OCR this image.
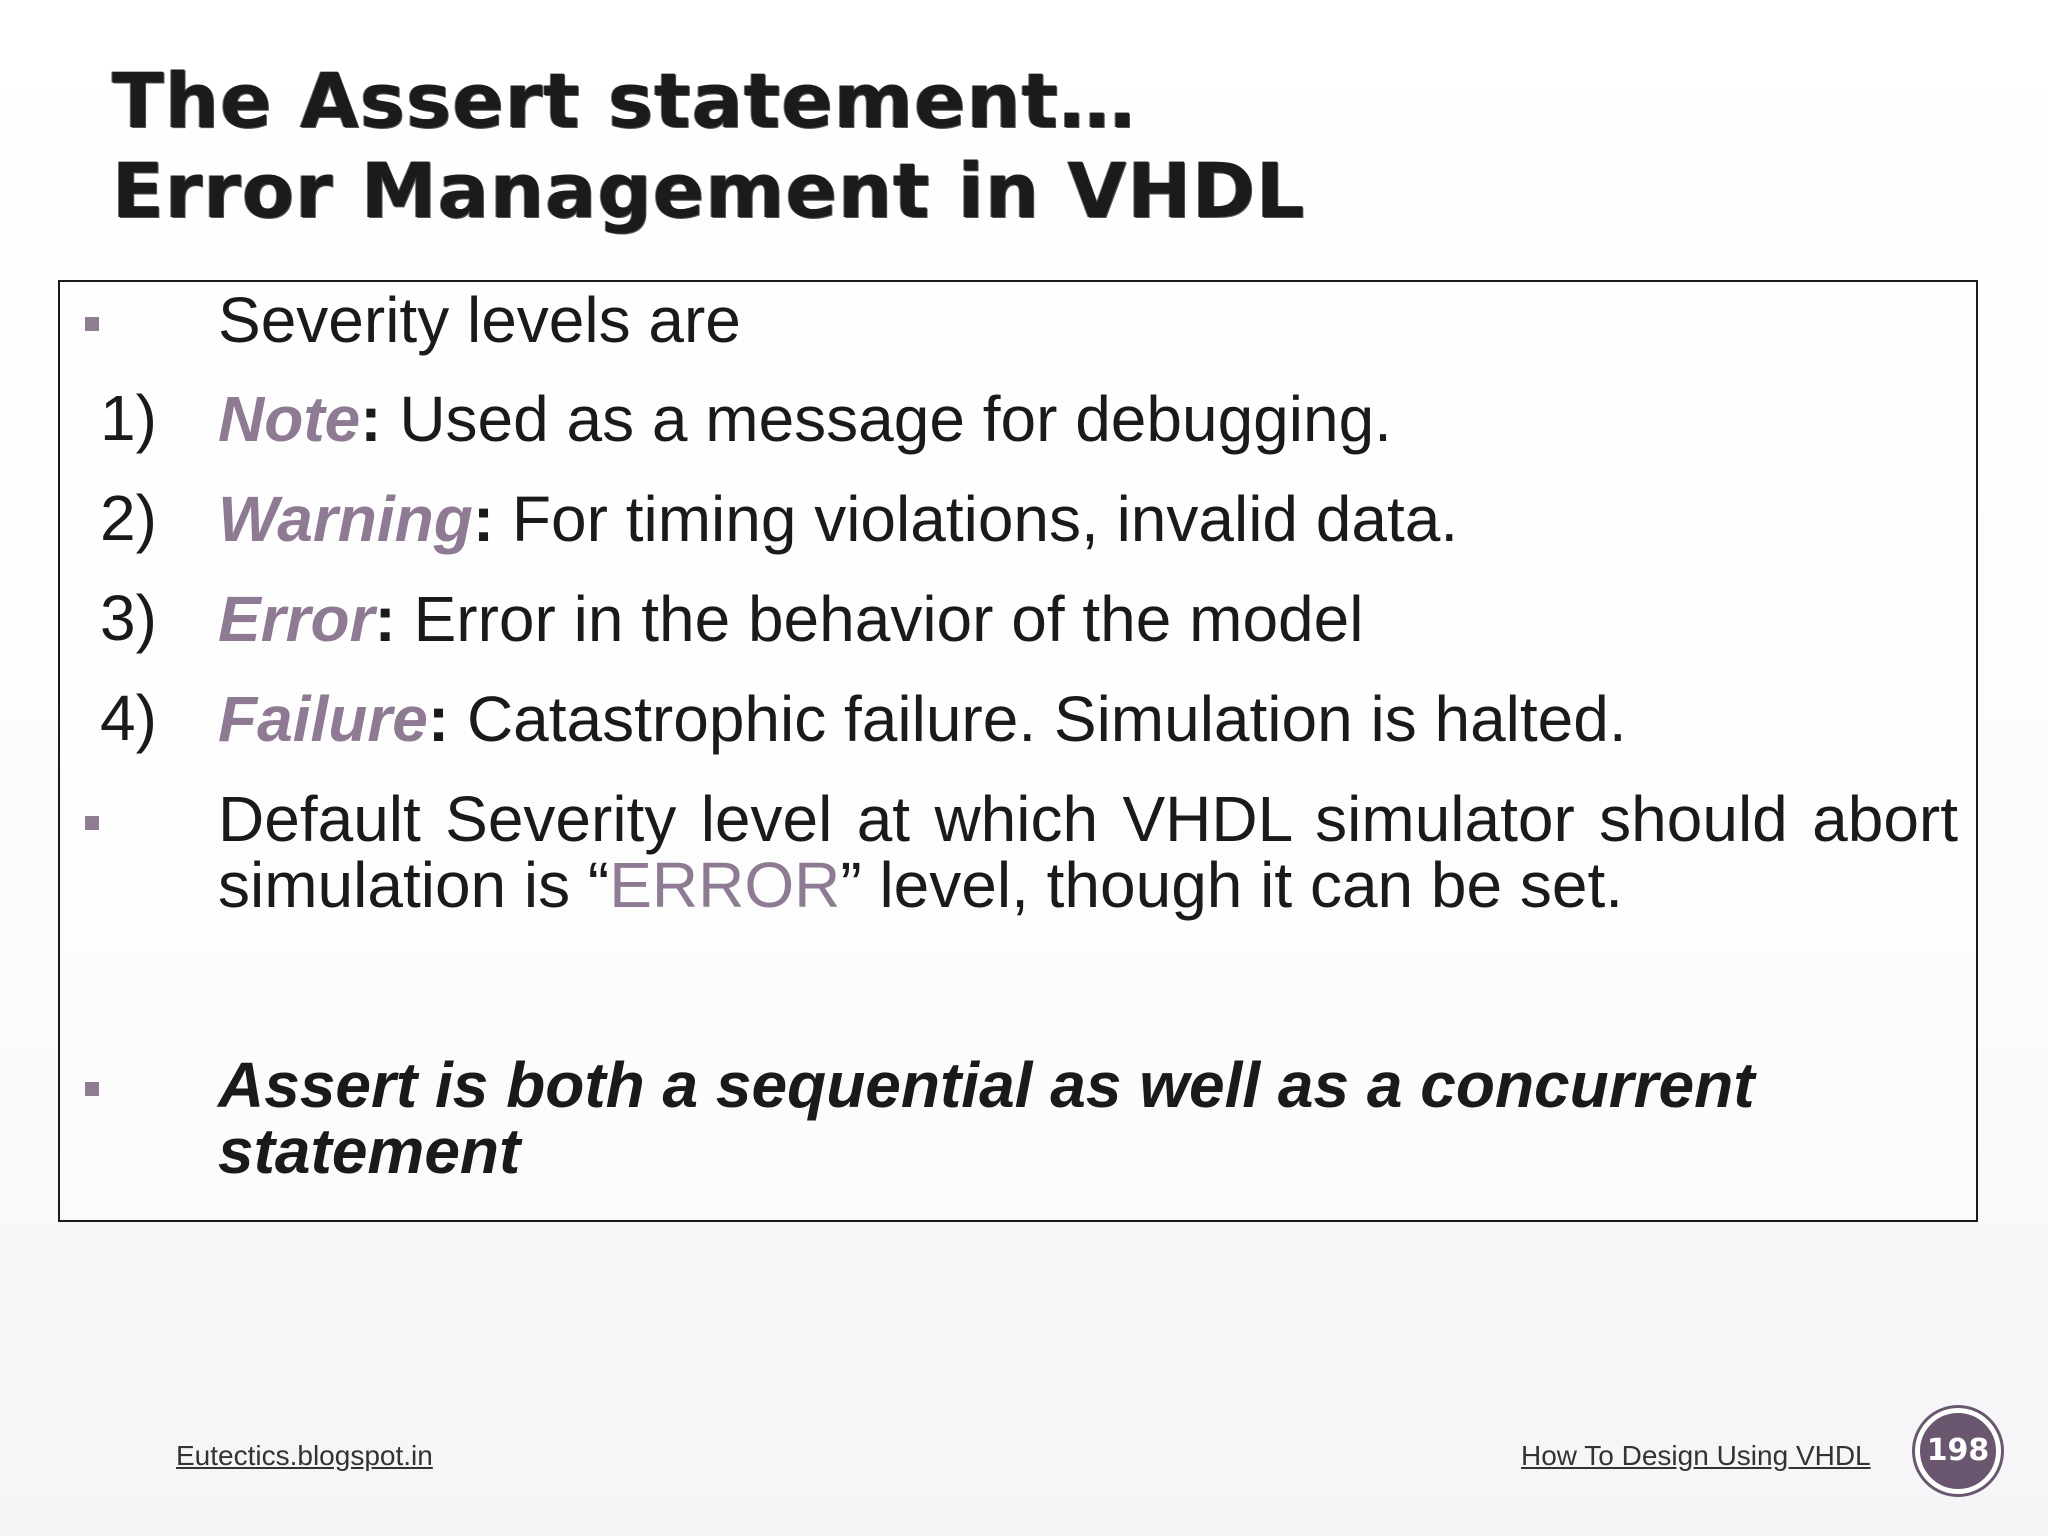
The Assert statement…
Error Management in VHDL
Severity levels are
1) Note: Used as a message for debugging.
2) Warning: For timing violations, invalid data.
3) Error: Error in the behavior of the model
4) Failure: Catastrophic failure. Simulation is halted.
Default Severity level at which VHDL simulator should abort simulation is “ERROR” level, though it can be set.
Assert is both a sequential as well as a concurrent statement
Eutectics.blogspot.in	How To Design Using VHDL	198
